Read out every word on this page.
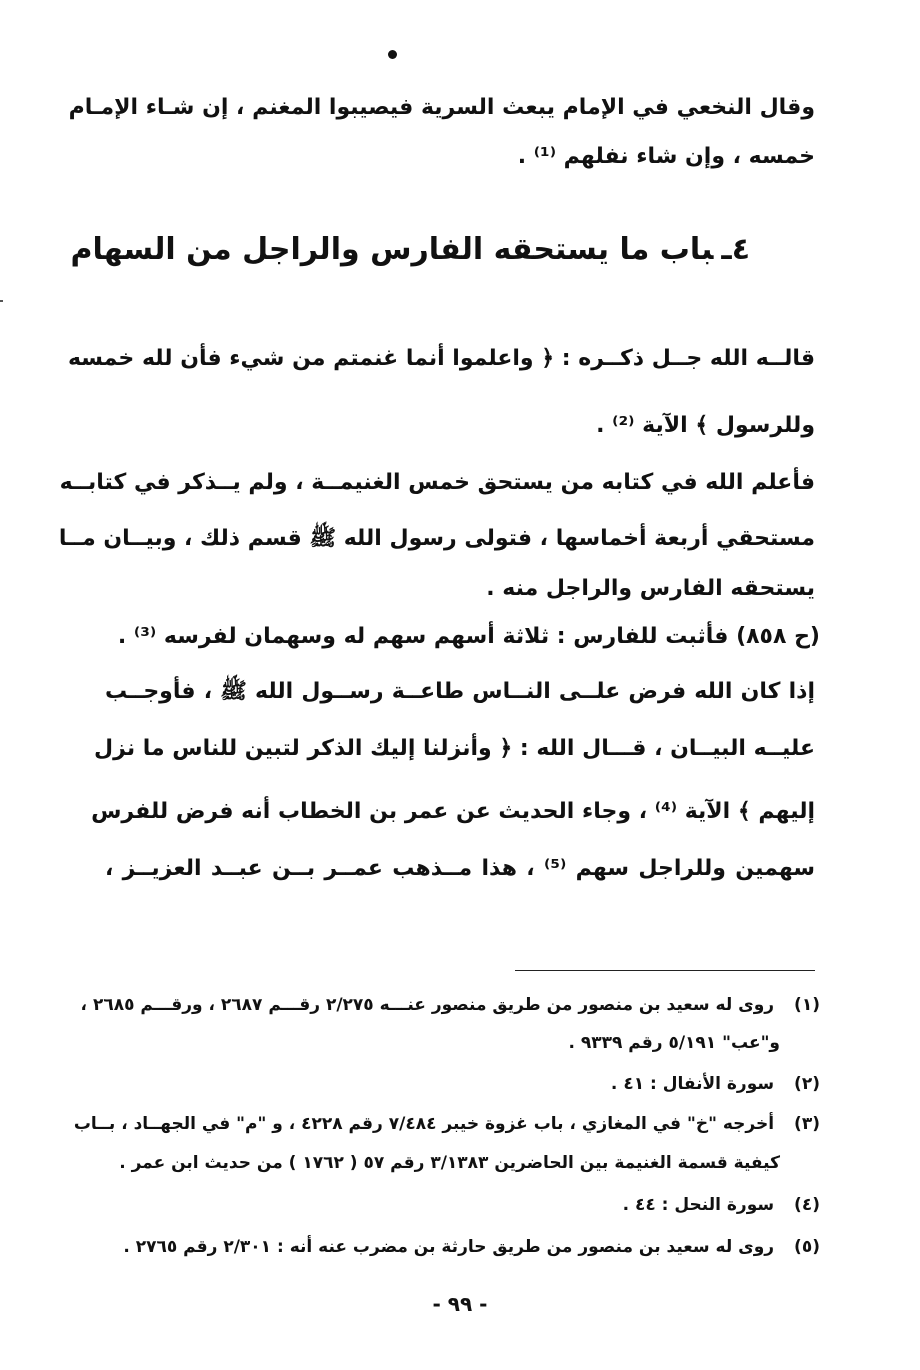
وقال النخعي في الإمام يبعث السرية فيصيبوا المغنم ، إن شـاء الإمـام
خمسه ، وإن شاء نفلهم ⁽¹⁾ .
٤ـباب ما يستحقه الفارس والراجل من السهام
قالــه الله جــل ذكــره : ﴿ واعلموا أنما غنمتم من شيء فأن لله خمسه
وللرسول ﴾ الآية ⁽²⁾ .
فأعلم الله في كتابه من يستحق خمس الغنيمــة ، ولم يــذكر في كتابــه
مستحقي أربعة أخماسها ، فتولى رسول الله ﷺ قسم ذلك ، وبيــان مــا
يستحقه الفارس والراجل منه .
(ح ٨٥٨) فأثبت للفارس : ثلاثة أسهم سهم له وسهمان لفرسه ⁽³⁾ .
إذا كان الله فرض علــى النــاس طاعــة رســول الله ﷺ ، فأوجــب
عليــه البيــان ، قـــال الله : ﴿ وأنزلنا إليك الذكر لتبين للناس ما نزل
إليهم ﴾ الآية ⁽⁴⁾ ، وجاء الحديث عن عمر بن الخطاب أنه فرض للفرس
سهمين وللراجل سهم ⁽⁵⁾ ، هذا مــذهب عمــر بــن عبــد العزيــز ،
(١) روى له سعيد بن منصور من طريق منصور عنـــه ٢/٢٧٥ رقـــم ٢٦٨٧ ، ورقـــم ٢٦٨٥ ،
و"عب" ٥/١٩١ رقم ٩٣٣٩ .
(٢) سورة الأنفال : ٤١ .
(٣) أخرجه "خ" في المغازي ، باب غزوة خيبر ٧/٤٨٤ رقم ٤٢٢٨ ، و "م" في الجهــاد ، بــاب
كيفية قسمة الغنيمة بين الحاضرين ٣/١٣٨٣ رقم ٥٧ ( ١٧٦٢ ) من حديث ابن عمر .
(٤) سورة النحل : ٤٤ .
(٥) روى له سعيد بن منصور من طريق حارثة بن مضرب عنه أنه : ٢/٣٠١ رقم ٢٧٦٥ .
- ٩٩ -
